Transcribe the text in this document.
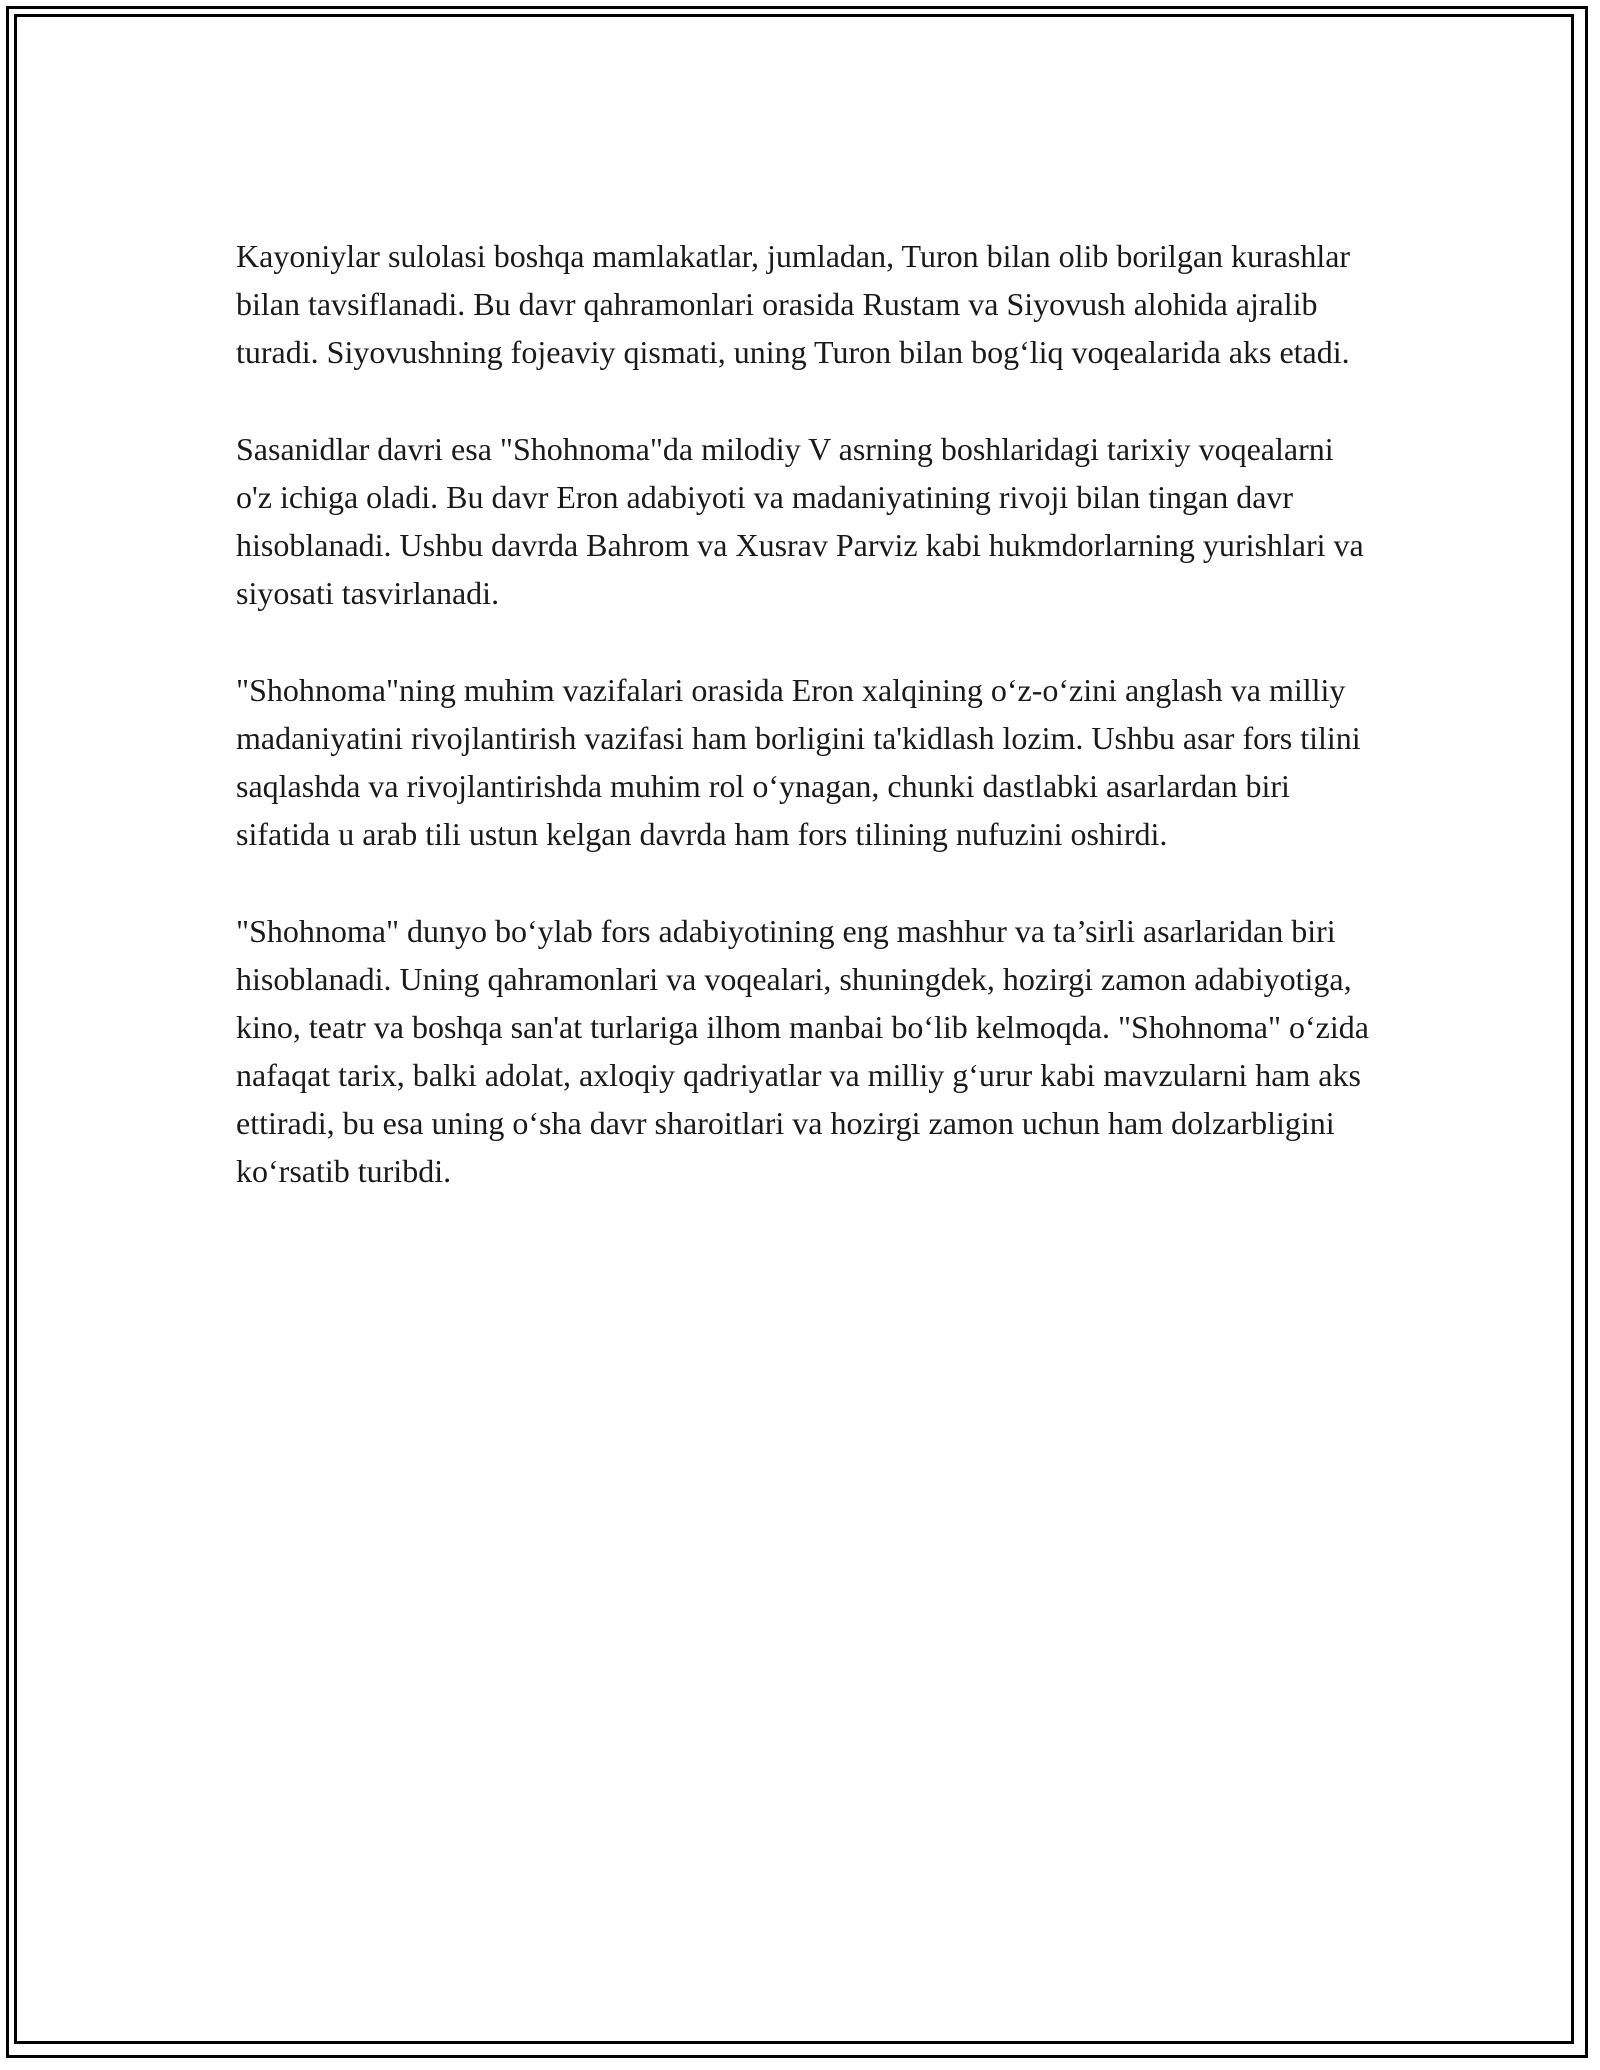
Kayoniylar sulolasi boshqa mamlakatlar, jumladan, Turon bilan olib borilgan kurashlar bilan tavsiflanadi. Bu davr qahramonlari orasida Rustam va Siyovush alohida ajralib turadi. Siyovushning fojeaviy qismati, uning Turon bilan bog‘liq voqealarida aks etadi.

Sasanidlar davri esa "Shohnoma"da milodiy V asrning boshlaridagi tarixiy voqealarni o'z ichiga oladi. Bu davr Eron adabiyoti va madaniyatining rivoji bilan tingan davr hisoblanadi. Ushbu davrda Bahrom va Xusrav Parviz kabi hukmdorlarning yurishlari va siyosati tasvirlanadi.

"Shohnoma"ning muhim vazifalari orasida Eron xalqining o‘z-o‘zini anglash va milliy madaniyatini rivojlantirish vazifasi ham borligini ta'kidlash lozim. Ushbu asar fors tilini saqlashda va rivojlantirishda muhim rol o‘ynagan, chunki dastlabki asarlardan biri sifatida u arab tili ustun kelgan davrda ham fors tilining nufuzini oshirdi.

"Shohnoma" dunyo bo‘ylab fors adabiyotining eng mashhur va ta’sirli asarlaridan biri hisoblanadi. Uning qahramonlari va voqealari, shuningdek, hozirgi zamon adabiyotiga, kino, teatr va boshqa san'at turlariga ilhom manbai bo‘lib kelmoqda. "Shohnoma" o‘zida nafaqat tarix, balki adolat, axloqiy qadriyatlar va milliy g‘urur kabi mavzularni ham aks ettiradi, bu esa uning o‘sha davr sharoitlari va hozirgi zamon uchun ham dolzarbligini ko‘rsatib turibdi.
